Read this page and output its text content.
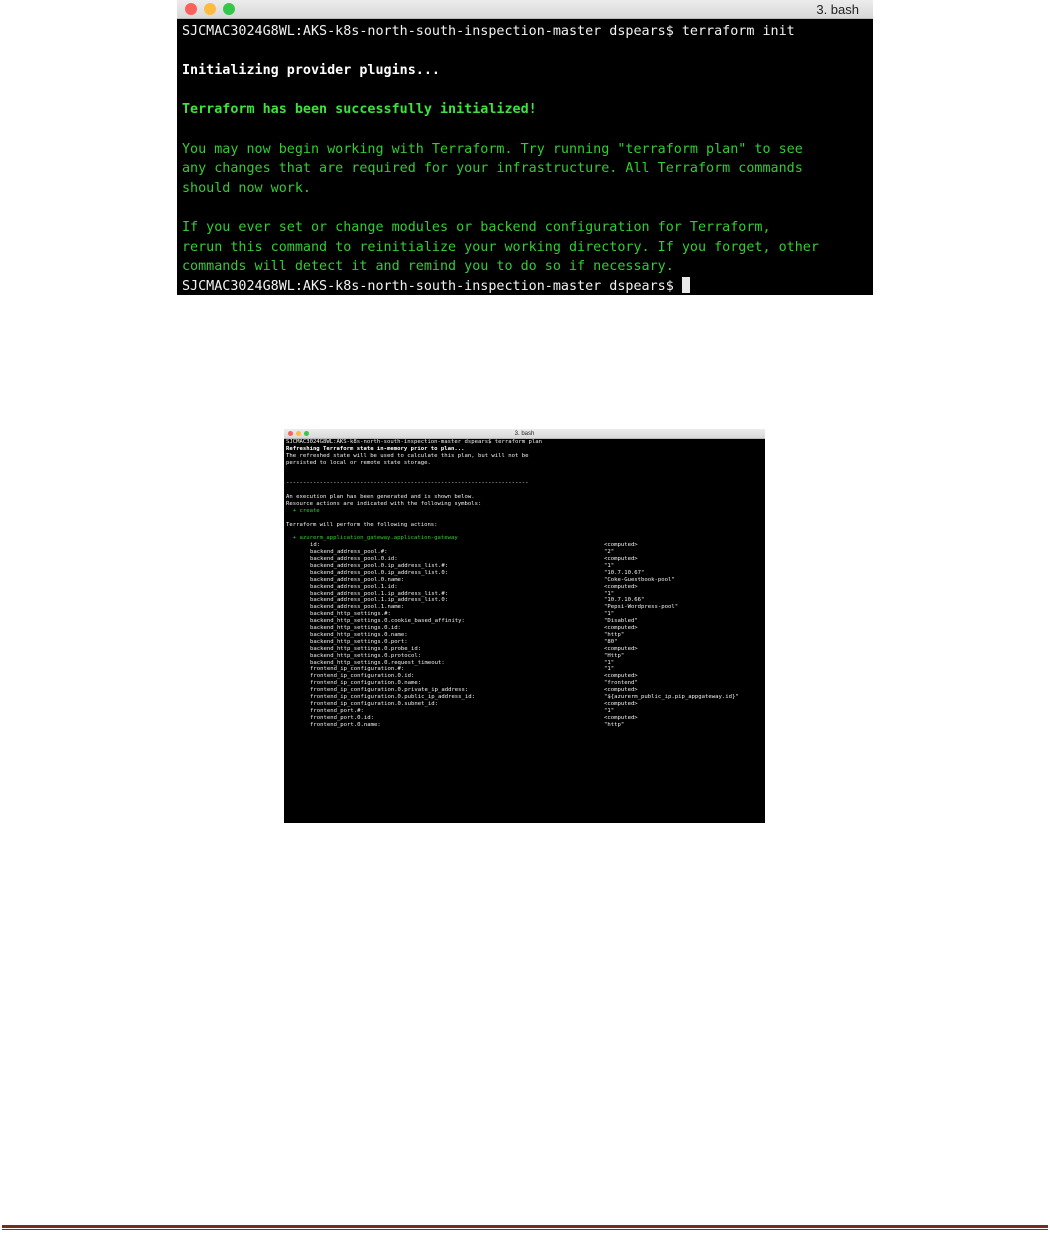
3. bash
SJCMAC3024G8WL:AKS-k8s-north-south-inspection-master dspears$ terraform init

Initializing provider plugins...

Terraform has been successfully initialized!

You may now begin working with Terraform. Try running "terraform plan" to see
any changes that are required for your infrastructure. All Terraform commands
should now work.

If you ever set or change modules or backend configuration for Terraform,
rerun this command to reinitialize your working directory. If you forget, other
commands will detect it and remind you to do so if necessary.
SJCMAC3024G8WL:AKS-k8s-north-south-inspection-master dspears$
3. bash
SJCMAC3024G8WL:AKS-k8s-north-south-inspection-master dspears$ terraform plan
Refreshing Terraform state in-memory prior to plan...
The refreshed state will be used to calculate this plan, but will not be
persisted to local or remote state storage.

------------------------------------------------------------------------

An execution plan has been generated and is shown below.
Resource actions are indicated with the following symbols:
+ create

Terraform will perform the following actions:

+ azurerm_application_gateway.application-gateway
id:	<computed>
backend_address_pool.#:	"2"
backend_address_pool.0.id:	<computed>
backend_address_pool.0.ip_address_list.#:	"1"
backend_address_pool.0.ip_address_list.0:	"10.7.10.67"
backend_address_pool.0.name:	"Coke-Guestbook-pool"
backend_address_pool.1.id:	<computed>
backend_address_pool.1.ip_address_list.#:	"1"
backend_address_pool.1.ip_address_list.0:	"10.7.10.66"
backend_address_pool.1.name:	"Pepsi-Wordpress-pool"
backend_http_settings.#:	"1"
backend_http_settings.0.cookie_based_affinity:	"Disabled"
backend_http_settings.0.id:	<computed>
backend_http_settings.0.name:	"http"
backend_http_settings.0.port:	"80"
backend_http_settings.0.probe_id:	<computed>
backend_http_settings.0.protocol:	"Http"
backend_http_settings.0.request_timeout:	"1"
frontend_ip_configuration.#:	"1"
frontend_ip_configuration.0.id:	<computed>
frontend_ip_configuration.0.name:	"frontend"
frontend_ip_configuration.0.private_ip_address:	<computed>
frontend_ip_configuration.0.public_ip_address_id:	"${azurerm_public_ip.pip_appgateway.id}"
frontend_ip_configuration.0.subnet_id:	<computed>
frontend_port.#:	"1"
frontend_port.0.id:	<computed>
frontend_port.0.name:	"http"
